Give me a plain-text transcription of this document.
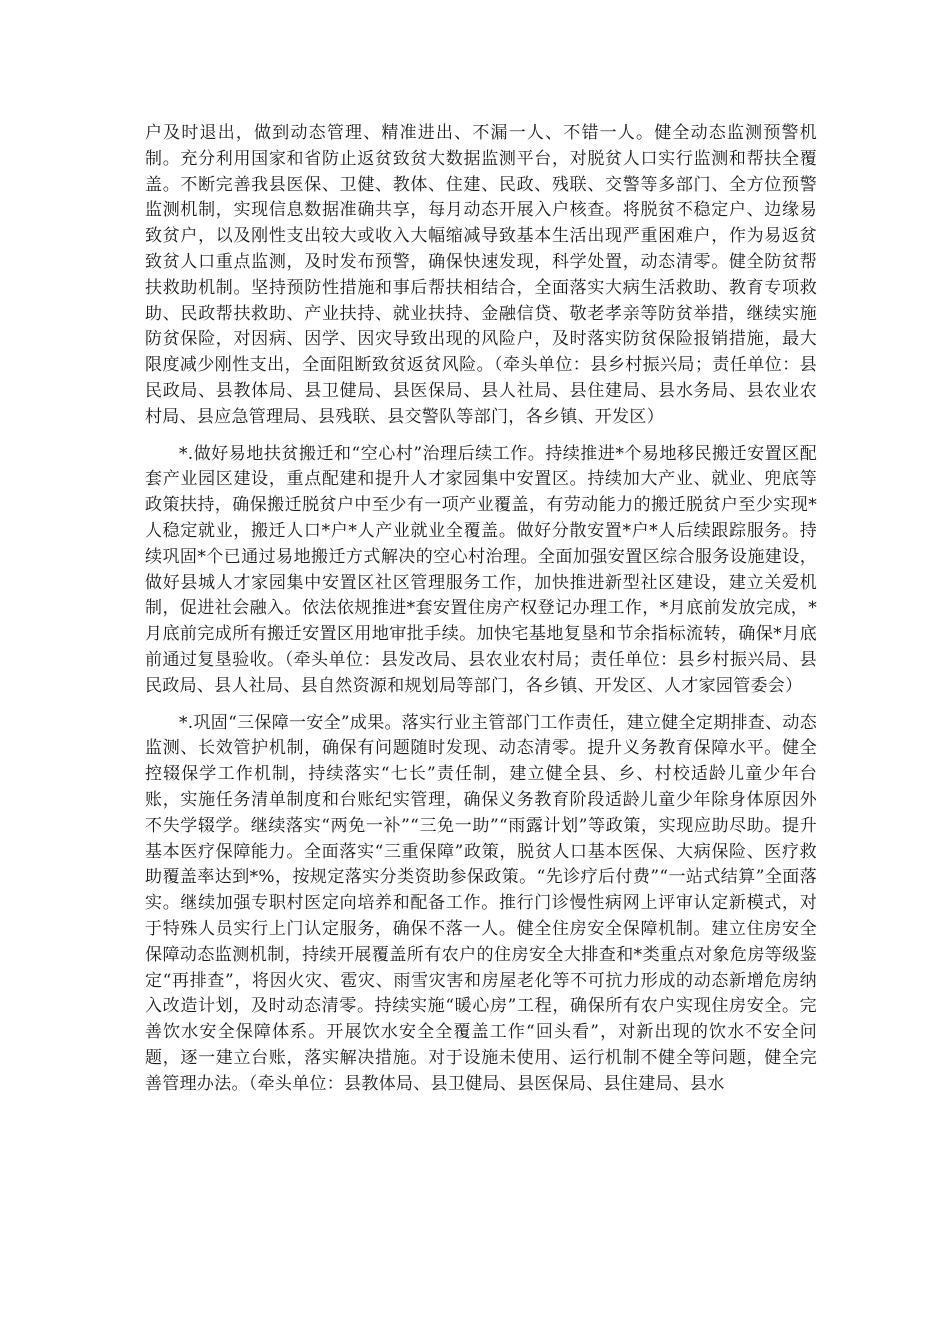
户及时退出，做到动态管理、精准进出、不漏一人、不错一人。健全动态监测预警机制。充分利用国家和省防止返贫致贫大数据监测平台，对脱贫人口实行监测和帮扶全覆盖。不断完善我县医保、卫健、教体、住建、民政、残联、交警等多部门、全方位预警监测机制，实现信息数据准确共享，每月动态开展入户核查。将脱贫不稳定户、边缘易致贫户，以及刚性支出较大或收入大幅缩减导致基本生活出现严重困难户，作为易返贫致贫人口重点监测，及时发布预警，确保快速发现，科学处置，动态清零。健全防贫帮扶救助机制。坚持预防性措施和事后帮扶相结合，全面落实大病生活救助、教育专项救助、民政帮扶救助、产业扶持、就业扶持、金融信贷、敬老孝亲等防贫举措，继续实施防贫保险，对因病、因学、因灾导致出现的风险户，及时落实防贫保险报销措施，最大限度减少刚性支出，全面阻断致贫返贫风险。（牵头单位：县乡村振兴局；责任单位：县民政局、县教体局、县卫健局、县医保局、县人社局、县住建局、县水务局、县农业农村局、县应急管理局、县残联、县交警队等部门，各乡镇、开发区）

*.做好易地扶贫搬迁和“空心村”治理后续工作。持续推进*个易地移民搬迁安置区配套产业园区建设，重点配建和提升人才家园集中安置区。持续加大产业、就业、兜底等政策扶持，确保搬迁脱贫户中至少有一项产业覆盖，有劳动能力的搬迁脱贫户至少实现*人稳定就业，搬迁人口*户*人产业就业全覆盖。做好分散安置*户*人后续跟踪服务。持续巩固*个已通过易地搬迁方式解决的空心村治理。全面加强安置区综合服务设施建设，做好县城人才家园集中安置区社区管理服务工作，加快推进新型社区建设，建立关爱机制，促进社会融入。依法依规推进*套安置住房产权登记办理工作，*月底前发放完成，*月底前完成所有搬迁安置区用地审批手续。加快宅基地复垦和节余指标流转，确保*月底前通过复垦验收。（牵头单位：县发改局、县农业农村局；责任单位：县乡村振兴局、县民政局、县人社局、县自然资源和规划局等部门，各乡镇、开发区、人才家园管委会）

*.巩固“三保障一安全”成果。落实行业主管部门工作责任，建立健全定期排查、动态监测、长效管护机制，确保有问题随时发现、动态清零。提升义务教育保障水平。健全控辍保学工作机制，持续落实“七长”责任制，建立健全县、乡、村校适龄儿童少年台账，实施任务清单制度和台账纪实管理，确保义务教育阶段适龄儿童少年除身体原因外不失学辍学。继续落实“两免一补”“三免一助”“雨露计划”等政策，实现应助尽助。提升基本医疗保障能力。全面落实“三重保障”政策，脱贫人口基本医保、大病保险、医疗救助覆盖率达到*%，按规定落实分类资助参保政策。“先诊疗后付费”“一站式结算”全面落实。继续加强专职村医定向培养和配备工作。推行门诊慢性病网上评审认定新模式，对于特殊人员实行上门认定服务，确保不落一人。健全住房安全保障机制。建立住房安全保障动态监测机制，持续开展覆盖所有农户的住房安全大排查和*类重点对象危房等级鉴定“再排查”，将因火灾、雹灾、雨雪灾害和房屋老化等不可抗力形成的动态新增危房纳入改造计划，及时动态清零。持续实施“暖心房”工程，确保所有农户实现住房安全。完善饮水安全保障体系。开展饮水安全全覆盖工作“回头看”，对新出现的饮水不安全问题，逐一建立台账，落实解决措施。对于设施未使用、运行机制不健全等问题，健全完善管理办法。（牵头单位：县教体局、县卫健局、县医保局、县住建局、县水
